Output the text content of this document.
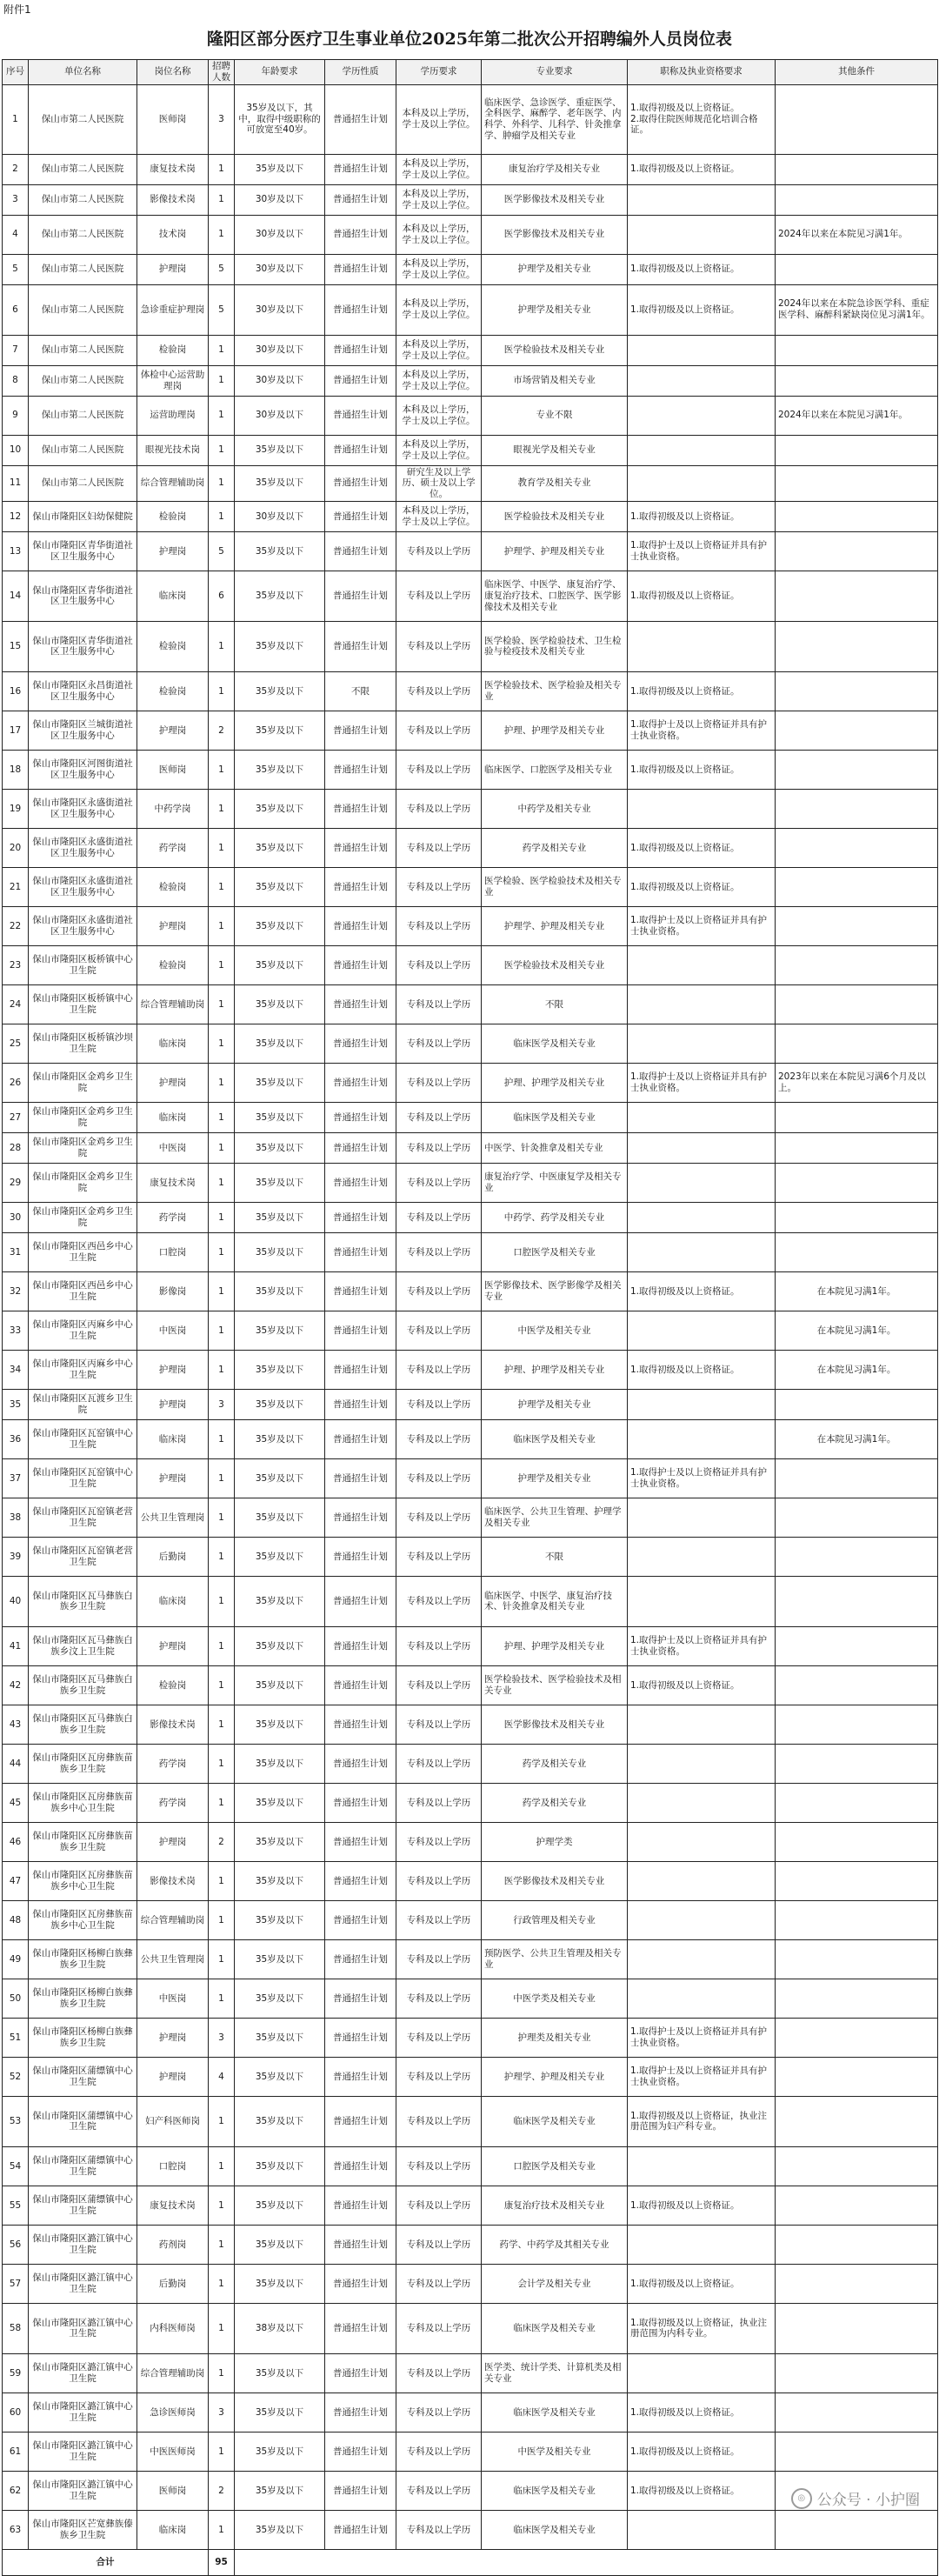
附件1
隆阳区部分医疗卫生事业单位2025年第二批次公开招聘编外人员岗位表
序号	单位名称	岗位名称	招聘人数	年龄要求	学历性质	学历要求	专业要求	职称及执业资格要求	其他条件
1	保山市第二人民医院	医师岗	3	35岁及以下，其中，取得中级职称的可放宽至40岁。	普通招生计划	本科及以上学历，学士及以上学位。	临床医学、急诊医学、重症医学、全科医学、麻醉学、老年医学、内科学、外科学、儿科学、针灸推拿学、肿瘤学及相关专业	1.取得初级及以上资格证。
2.取得住院医师规范化培训合格证。	
2	保山市第二人民医院	康复技术岗	1	35岁及以下	普通招生计划	本科及以上学历，学士及以上学位。	康复治疗学及相关专业	1.取得初级及以上资格证。	
3	保山市第二人民医院	影像技术岗	1	30岁及以下	普通招生计划	本科及以上学历，学士及以上学位。	医学影像技术及相关专业		
4	保山市第二人民医院	技术岗	1	30岁及以下	普通招生计划	本科及以上学历，学士及以上学位。	医学影像技术及相关专业		2024年以来在本院见习满1年。
5	保山市第二人民医院	护理岗	5	30岁及以下	普通招生计划	本科及以上学历，学士及以上学位。	护理学及相关专业	1.取得初级及以上资格证。	
6	保山市第二人民医院	急诊重症护理岗	5	30岁及以下	普通招生计划	本科及以上学历，学士及以上学位。	护理学及相关专业	1.取得初级及以上资格证。	2024年以来在本院急诊医学科、重症医学科、麻醉科紧缺岗位见习满1年。
7	保山市第二人民医院	检验岗	1	30岁及以下	普通招生计划	本科及以上学历，学士及以上学位。	医学检验技术及相关专业		
8	保山市第二人民医院	体检中心运营助理岗	1	30岁及以下	普通招生计划	本科及以上学历，学士及以上学位。	市场营销及相关专业		
9	保山市第二人民医院	运营助理岗	1	30岁及以下	普通招生计划	本科及以上学历，学士及以上学位。	专业不限		2024年以来在本院见习满1年。
10	保山市第二人民医院	眼视光技术岗	1	35岁及以下	普通招生计划	本科及以上学历，学士及以上学位。	眼视光学及相关专业		
11	保山市第二人民医院	综合管理辅助岗	1	35岁及以下	普通招生计划	研究生及以上学历、硕士及以上学位。	教育学及相关专业		
12	保山市隆阳区妇幼保健院	检验岗	1	30岁及以下	普通招生计划	本科及以上学历，学士及以上学位。	医学检验技术及相关专业	1.取得初级及以上资格证。	
13	保山市隆阳区青华街道社区卫生服务中心	护理岗	5	35岁及以下	普通招生计划	专科及以上学历	护理学、护理及相关专业	1.取得护士及以上资格证并具有护士执业资格。	
14	保山市隆阳区青华街道社区卫生服务中心	临床岗	6	35岁及以下	普通招生计划	专科及以上学历	临床医学、中医学、康复治疗学、康复治疗技术、口腔医学、医学影像技术及相关专业	1.取得初级及以上资格证。	
15	保山市隆阳区青华街道社区卫生服务中心	检验岗	1	35岁及以下	普通招生计划	专科及以上学历	医学检验、医学检验技术、卫生检验与检疫技术及相关专业		
16	保山市隆阳区永昌街道社区卫生服务中心	检验岗	1	35岁及以下	不限	专科及以上学历	医学检验技术、医学检验及相关专业	1.取得初级及以上资格证。	
17	保山市隆阳区兰城街道社区卫生服务中心	护理岗	2	35岁及以下	普通招生计划	专科及以上学历	护理、护理学及相关专业	1.取得护士及以上资格证并具有护士执业资格。	
18	保山市隆阳区河图街道社区卫生服务中心	医师岗	1	35岁及以下	普通招生计划	专科及以上学历	临床医学、口腔医学及相关专业	1.取得初级及以上资格证。	
19	保山市隆阳区永盛街道社区卫生服务中心	中药学岗	1	35岁及以下	普通招生计划	专科及以上学历	中药学及相关专业		
20	保山市隆阳区永盛街道社区卫生服务中心	药学岗	1	35岁及以下	普通招生计划	专科及以上学历	药学及相关专业	1.取得初级及以上资格证。	
21	保山市隆阳区永盛街道社区卫生服务中心	检验岗	1	35岁及以下	普通招生计划	专科及以上学历	医学检验、医学检验技术及相关专业	1.取得初级及以上资格证。	
22	保山市隆阳区永盛街道社区卫生服务中心	护理岗	1	35岁及以下	普通招生计划	专科及以上学历	护理学、护理及相关专业	1.取得护士及以上资格证并具有护士执业资格。	
23	保山市隆阳区板桥镇中心卫生院	检验岗	1	35岁及以下	普通招生计划	专科及以上学历	医学检验技术及相关专业		
24	保山市隆阳区板桥镇中心卫生院	综合管理辅助岗	1	35岁及以下	普通招生计划	专科及以上学历	不限		
25	保山市隆阳区板桥镇沙坝卫生院	临床岗	1	35岁及以下	普通招生计划	专科及以上学历	临床医学及相关专业		
26	保山市隆阳区金鸡乡卫生院	护理岗	1	35岁及以下	普通招生计划	专科及以上学历	护理、护理学及相关专业	1.取得护士及以上资格证并具有护士执业资格。	2023年以来在本院见习满6个月及以上。
27	保山市隆阳区金鸡乡卫生院	临床岗	1	35岁及以下	普通招生计划	专科及以上学历	临床医学及相关专业		
28	保山市隆阳区金鸡乡卫生院	中医岗	1	35岁及以下	普通招生计划	专科及以上学历	中医学、针灸推拿及相关专业		
29	保山市隆阳区金鸡乡卫生院	康复技术岗	1	35岁及以下	普通招生计划	专科及以上学历	康复治疗学、中医康复学及相关专业		
30	保山市隆阳区金鸡乡卫生院	药学岗	1	35岁及以下	普通招生计划	专科及以上学历	中药学、药学及相关专业		
31	保山市隆阳区西邑乡中心卫生院	口腔岗	1	35岁及以下	普通招生计划	专科及以上学历	口腔医学及相关专业		
32	保山市隆阳区西邑乡中心卫生院	影像岗	1	35岁及以下	普通招生计划	专科及以上学历	医学影像技术、医学影像学及相关专业	1.取得初级及以上资格证。	在本院见习满1年。
33	保山市隆阳区丙麻乡中心卫生院	中医岗	1	35岁及以下	普通招生计划	专科及以上学历	中医学及相关专业		在本院见习满1年。
34	保山市隆阳区丙麻乡中心卫生院	护理岗	1	35岁及以下	普通招生计划	专科及以上学历	护理、护理学及相关专业	1.取得初级及以上资格证。	在本院见习满1年。
35	保山市隆阳区瓦渡乡卫生院	护理岗	3	35岁及以下	普通招生计划	专科及以上学历	护理学及相关专业		
36	保山市隆阳区瓦窑镇中心卫生院	临床岗	1	35岁及以下	普通招生计划	专科及以上学历	临床医学及相关专业		在本院见习满1年。
37	保山市隆阳区瓦窑镇中心卫生院	护理岗	1	35岁及以下	普通招生计划	专科及以上学历	护理学及相关专业	1.取得护士及以上资格证并具有护士执业资格。	
38	保山市隆阳区瓦窑镇老营卫生院	公共卫生管理岗	1	35岁及以下	普通招生计划	专科及以上学历	临床医学、公共卫生管理、护理学及相关专业		
39	保山市隆阳区瓦窑镇老营卫生院	后勤岗	1	35岁及以下	普通招生计划	专科及以上学历	不限		
40	保山市隆阳区瓦马彝族白族乡卫生院	临床岗	1	35岁及以下	普通招生计划	专科及以上学历	临床医学、中医学、康复治疗技术、针灸推拿及相关专业		
41	保山市隆阳区瓦马彝族白族乡汶上卫生院	护理岗	1	35岁及以下	普通招生计划	专科及以上学历	护理、护理学及相关专业	1.取得护士及以上资格证并具有护士执业资格。	
42	保山市隆阳区瓦马彝族白族乡卫生院	检验岗	1	35岁及以下	普通招生计划	专科及以上学历	医学检验技术、医学检验技术及相关专业	1.取得初级及以上资格证。	
43	保山市隆阳区瓦马彝族白族乡卫生院	影像技术岗	1	35岁及以下	普通招生计划	专科及以上学历	医学影像技术及相关专业		
44	保山市隆阳区瓦房彝族苗族乡卫生院	药学岗	1	35岁及以下	普通招生计划	专科及以上学历	药学及相关专业		
45	保山市隆阳区瓦房彝族苗族乡中心卫生院	药学岗	1	35岁及以下	普通招生计划	专科及以上学历	药学及相关专业		
46	保山市隆阳区瓦房彝族苗族乡卫生院	护理岗	2	35岁及以下	普通招生计划	专科及以上学历	护理学类		
47	保山市隆阳区瓦房彝族苗族乡中心卫生院	影像技术岗	1	35岁及以下	普通招生计划	专科及以上学历	医学影像技术及相关专业		
48	保山市隆阳区瓦房彝族苗族乡中心卫生院	综合管理辅助岗	1	35岁及以下	普通招生计划	专科及以上学历	行政管理及相关专业		
49	保山市隆阳区杨柳白族彝族乡卫生院	公共卫生管理岗	1	35岁及以下	普通招生计划	专科及以上学历	预防医学、公共卫生管理及相关专业		
50	保山市隆阳区杨柳白族彝族乡卫生院	中医岗	1	35岁及以下	普通招生计划	专科及以上学历	中医学类及相关专业		
51	保山市隆阳区杨柳白族彝族乡卫生院	护理岗	3	35岁及以下	普通招生计划	专科及以上学历	护理类及相关专业	1.取得护士及以上资格证并具有护士执业资格。	
52	保山市隆阳区蒲缥镇中心卫生院	护理岗	4	35岁及以下	普通招生计划	专科及以上学历	护理学、护理及相关专业	1.取得护士及以上资格证并具有护士执业资格。	
53	保山市隆阳区蒲缥镇中心卫生院	妇产科医师岗	1	35岁及以下	普通招生计划	专科及以上学历	临床医学及相关专业	1.取得初级及以上资格证，执业注册范围为妇产科专业。	
54	保山市隆阳区蒲缥镇中心卫生院	口腔岗	1	35岁及以下	普通招生计划	专科及以上学历	口腔医学及相关专业		
55	保山市隆阳区蒲缥镇中心卫生院	康复技术岗	1	35岁及以下	普通招生计划	专科及以上学历	康复治疗技术及相关专业	1.取得初级及以上资格证。	
56	保山市隆阳区潞江镇中心卫生院	药剂岗	1	35岁及以下	普通招生计划	专科及以上学历	药学、中药学及其相关专业		
57	保山市隆阳区潞江镇中心卫生院	后勤岗	1	35岁及以下	普通招生计划	专科及以上学历	会计学及相关专业	1.取得初级及以上资格证。	
58	保山市隆阳区潞江镇中心卫生院	内科医师岗	1	38岁及以下	普通招生计划	专科及以上学历	临床医学及相关专业	1.取得初级及以上资格证，执业注册范围为内科专业。	
59	保山市隆阳区潞江镇中心卫生院	综合管理辅助岗	1	35岁及以下	普通招生计划	专科及以上学历	医学类、统计学类、计算机类及相关专业		
60	保山市隆阳区潞江镇中心卫生院	急诊医师岗	3	35岁及以下	普通招生计划	专科及以上学历	临床医学及相关专业	1.取得初级及以上资格证。	
61	保山市隆阳区潞江镇中心卫生院	中医医师岗	1	35岁及以下	普通招生计划	专科及以上学历	中医学及相关专业	1.取得初级及以上资格证。	
62	保山市隆阳区潞江镇中心卫生院	医师岗	2	35岁及以下	普通招生计划	专科及以上学历	临床医学及相关专业	1.取得初级及以上资格证。	
63	保山市隆阳区芒宽彝族傣族乡卫生院	临床岗	1	35岁及以下	普通招生计划	专科及以上学历	临床医学及相关专业		
合计			95						
◎ 公众号 · 小护圈
